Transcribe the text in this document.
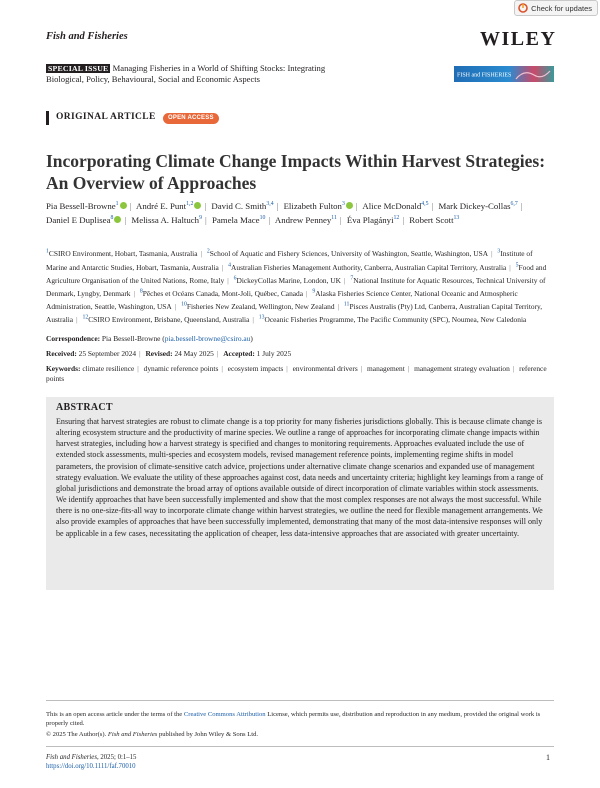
Check for updates
Fish and Fisheries	WILEY
SPECIAL ISSUE Managing Fisheries in a World of Shifting Stocks: Integrating Biological, Policy, Behavioural, Social and Economic Aspects	FISH and FISHERIES
ORIGINAL ARTICLE	OPEN ACCESS
Incorporating Climate Change Impacts Within Harvest Strategies: An Overview of Approaches
Pia Bessell-Browne$^1$ | André E. Punt$^{1,2}$ | David C. Smith$^{3,4}$ | Elizabeth Fulton$^3$ | Alice McDonald$^{4,5}$ | Mark Dickey-Collas$^{6,7}$ | Daniel E Duplisea$^8$ | Melissa A. Haltuch$^9$ | Pamela Mace$^{10}$ | Andrew Penney$^{11}$ | Éva Plagányi$^{12}$ | Robert Scott$^{13}$
$^1$CSIRO Environment, Hobart, Tasmania, Australia | $^2$School of Aquatic and Fishery Sciences, University of Washington, Seattle, Washington, USA | $^3$Institute of Marine and Antarctic Studies, Hobart, Tasmania, Australia | $^4$Australian Fisheries Management Authority, Canberra, Australian Capital Territory, Australia | $^5$Food and Agriculture Organisation of the United Nations, Rome, Italy | $^6$DickeyCollas Marine, London, UK | $^7$National Institute for Aquatic Resources, Technical University of Denmark, Lyngby, Denmark | $^8$Pêches et Océans Canada, Mont-Joli, Québec, Canada | $^9$Alaska Fisheries Science Center, National Oceanic and Atmospheric Administration, Seattle, Washington, USA | $^{10}$Fisheries New Zealand, Wellington, New Zealand | $^{11}$Pisces Australis (Pty) Ltd, Canberra, Australian Capital Territory, Australia | $^{12}$CSIRO Environment, Brisbane, Queensland, Australia | $^{13}$Oceanic Fisheries Programme, The Pacific Community (SPC), Noumea, New Caledonia
Correspondence: Pia Bessell-Browne (pia.bessell-browne@csiro.au)
Received: 25 September 2024 | Revised: 24 May 2025 | Accepted: 1 July 2025
Keywords: climate resilience | dynamic reference points | ecosystem impacts | environmental drivers | management | management strategy evaluation | reference points
ABSTRACT
Ensuring that harvest strategies are robust to climate change is a top priority for many fisheries jurisdictions globally. This is because climate change is altering ecosystem structure and the productivity of marine species. We outline a range of approaches for incorporating climate change impacts within harvest strategies, including how a harvest strategy is specified and changes to monitoring requirements. Approaches evaluated include the use of extended stock assessments, multi-species and ecosystem models, revised management reference points, implementing regime shifts in model parameters, the provision of climate-sensitive catch advice, projections under alternative climate change scenarios and expanded use of management strategy evaluation. We evaluate the utility of these approaches against cost, data needs and uncertainty criteria; highlight key learnings from a range of global jurisdictions and demonstrate the broad array of options available outside of direct incorporation of climate variables within stock assessments. We identify approaches that have been successfully implemented and show that the most complex responses are not always the most successful. While there is no one-size-fits-all way to incorporate climate change within harvest strategies, we outline the need for flexible management arrangements. We also provide examples of approaches that have been successfully implemented, demonstrating that many of the most data-intensive responses will only be applicable in a few cases, necessitating the application of cheaper, less data-intensive approaches that are associated with greater uncertainty.
This is an open access article under the terms of the Creative Commons Attribution License, which permits use, distribution and reproduction in any medium, provided the original work is properly cited.
© 2025 The Author(s). Fish and Fisheries published by John Wiley & Sons Ltd.
Fish and Fisheries, 2025; 0:1–15
https://doi.org/10.1111/faf.70010
1
